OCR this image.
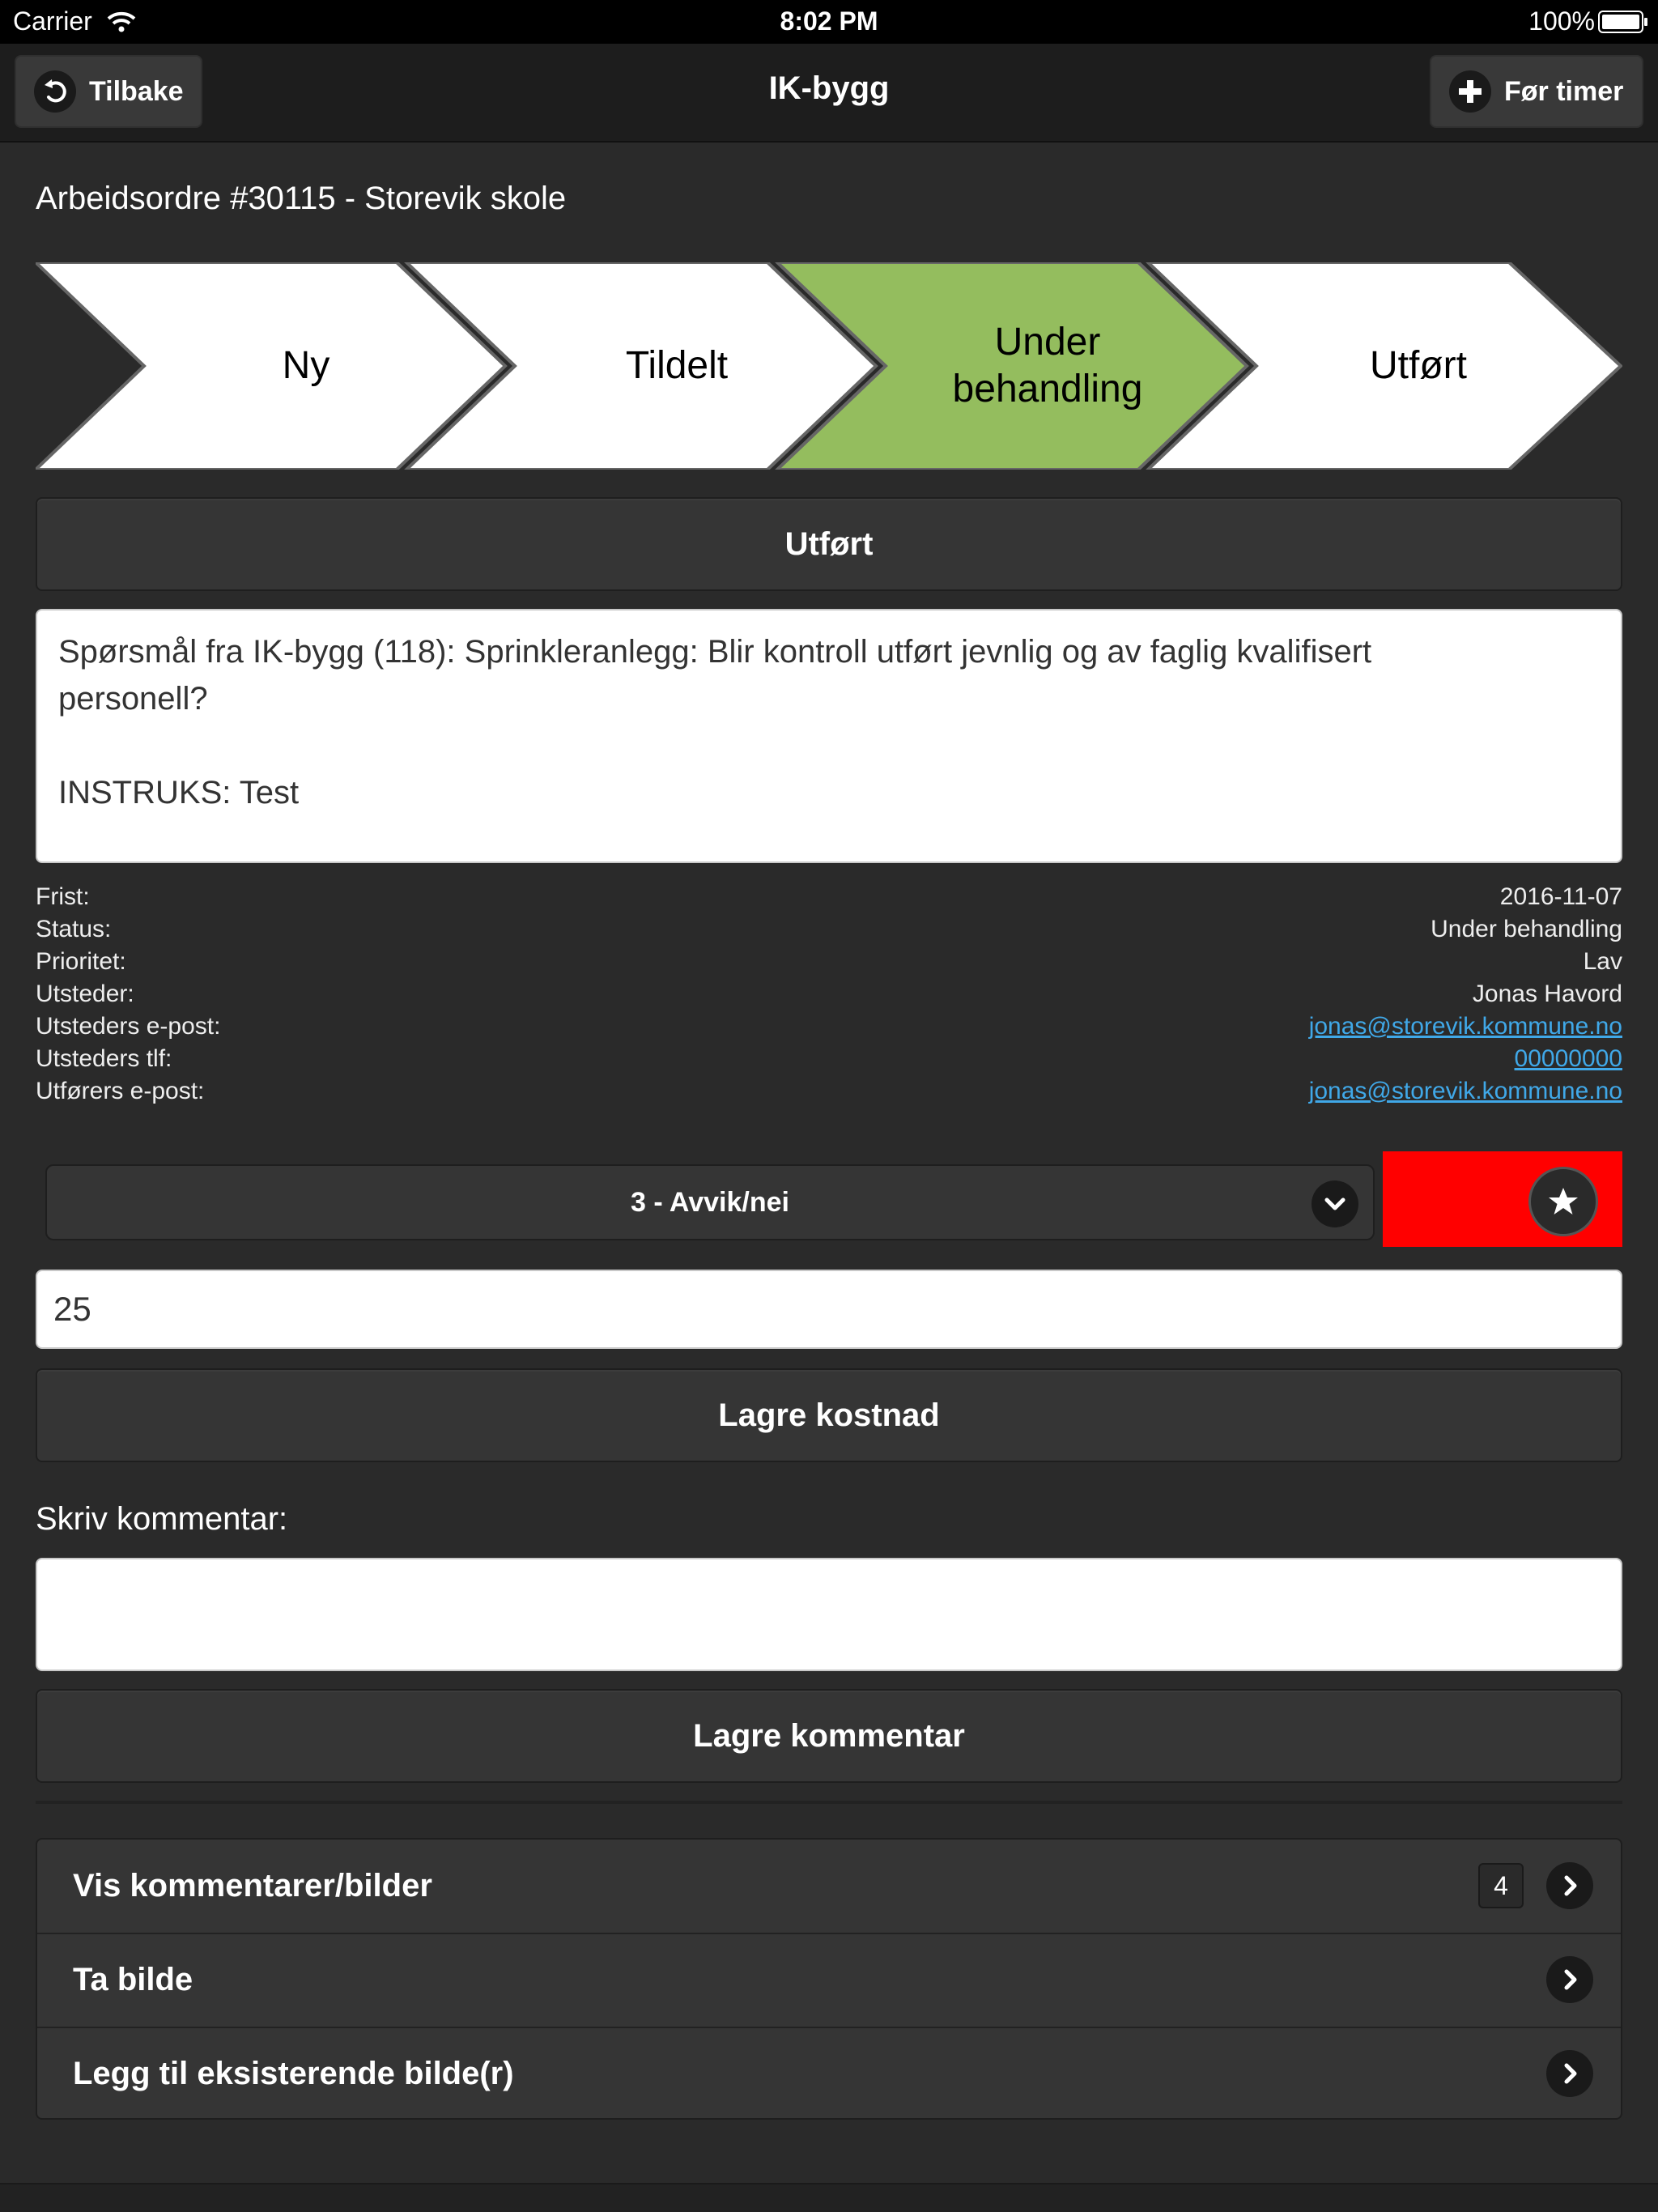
Carrier	8:02 PM	100%
Tilbake	IK-bygg	Før timer
Arbeidsordre #30115 - Storevik skole
Ny	Tildelt
Under
behandling
Utført
Utført
Spørsmål fra IK-bygg (118): Sprinkleranlegg: Blir kontroll utført jevnlig og av faglig kvalifisert
personell?
INSTRUKS: Test
Frist:	2016-11-07
Status:	Under behandling
Prioritet:	Lav
Utsteder:	Jonas Havord
Utsteders e-post:	jonas@storevik.kommune.no
Utsteders tlf:	00000000
Utførers e-post:	jonas@storevik.kommune.no
3 - Avvik/nei
25
Lagre kostnad
Skriv kommentar:
Lagre kommentar
Vis kommentarer/bilder	4
Ta bilde
Legg til eksisterende bilde(r)
